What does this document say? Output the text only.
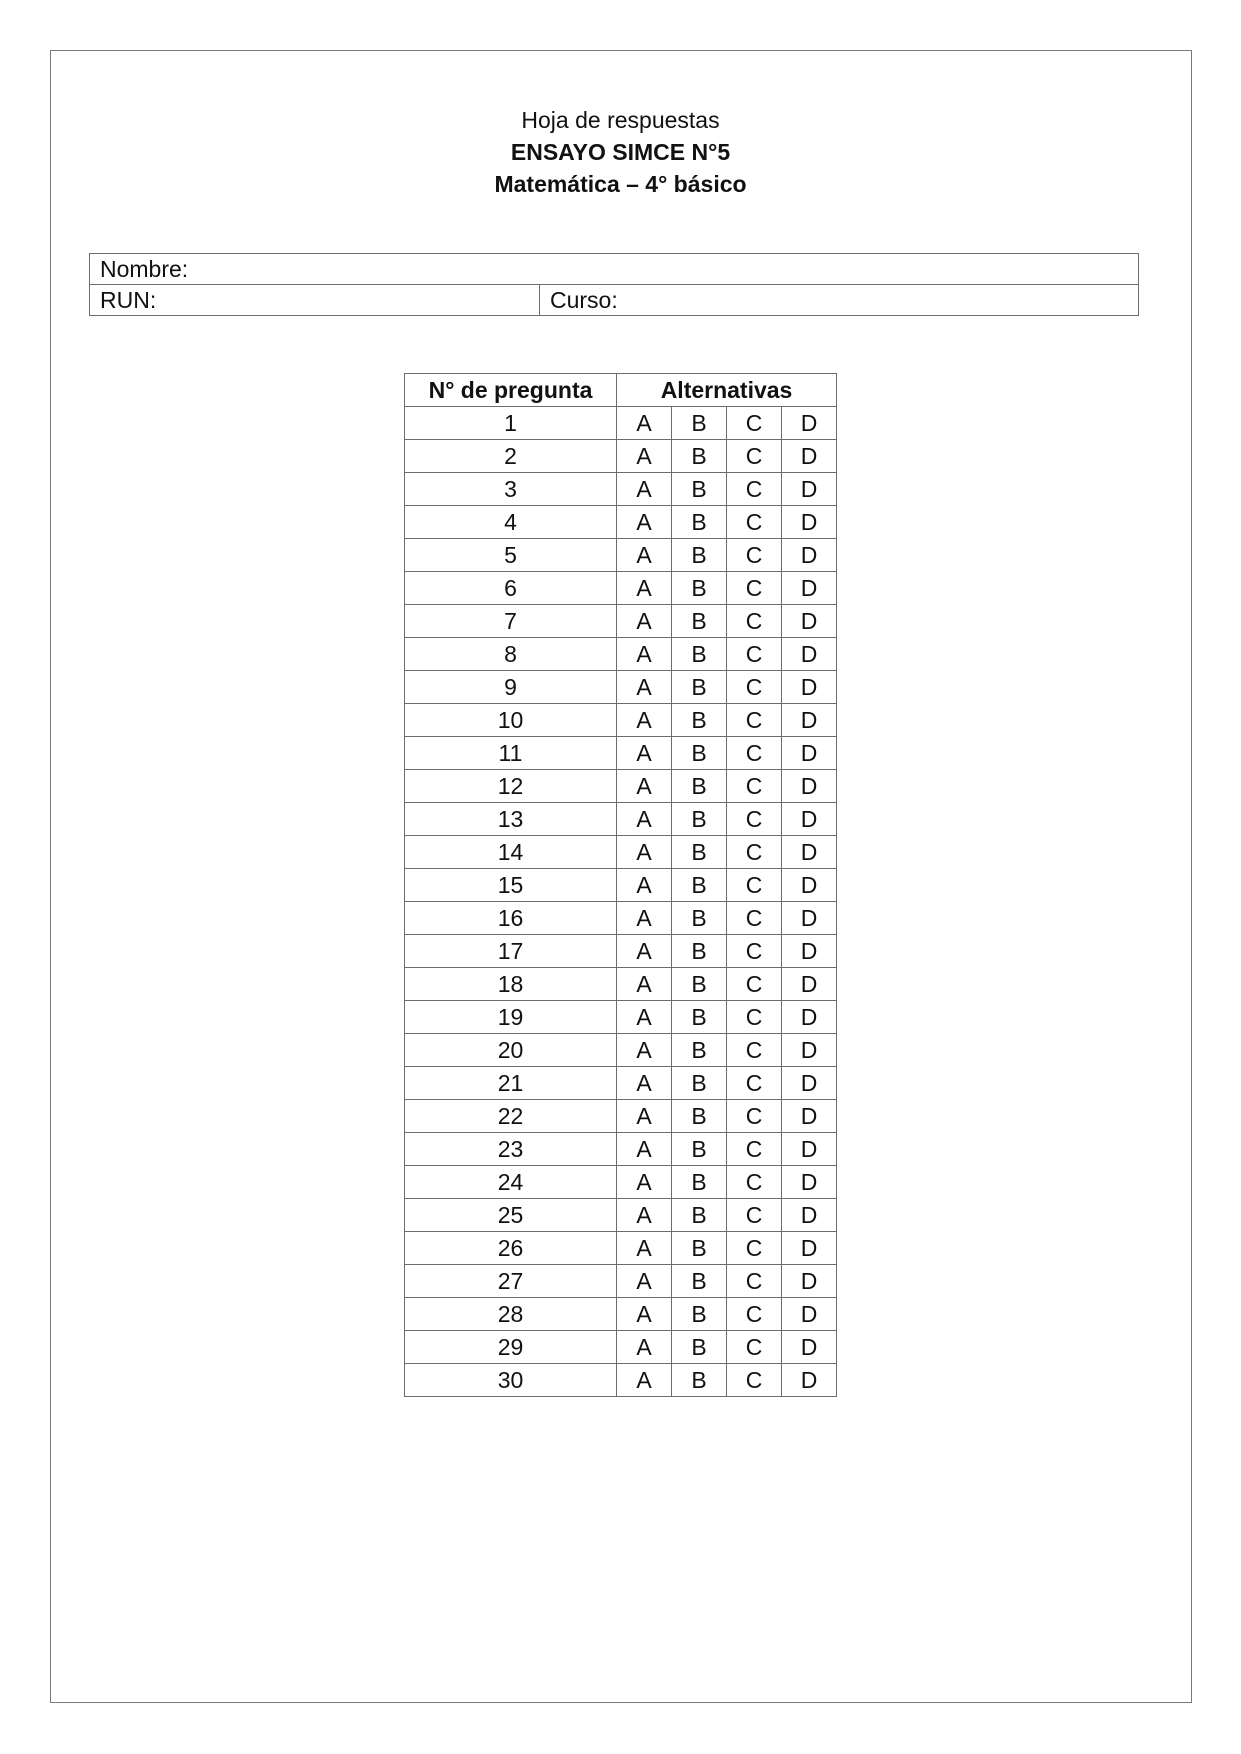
Hoja de respuestas
ENSAYO SIMCE N°5
Matemática – 4° básico
Nombre:
RUN:	Curso:
N° de pregunta	Alternativas			
1	A	B	C	D
2	A	B	C	D
3	A	B	C	D
4	A	B	C	D
5	A	B	C	D
6	A	B	C	D
7	A	B	C	D
8	A	B	C	D
9	A	B	C	D
10	A	B	C	D
11	A	B	C	D
12	A	B	C	D
13	A	B	C	D
14	A	B	C	D
15	A	B	C	D
16	A	B	C	D
17	A	B	C	D
18	A	B	C	D
19	A	B	C	D
20	A	B	C	D
21	A	B	C	D
22	A	B	C	D
23	A	B	C	D
24	A	B	C	D
25	A	B	C	D
26	A	B	C	D
27	A	B	C	D
28	A	B	C	D
29	A	B	C	D
30	A	B	C	D
